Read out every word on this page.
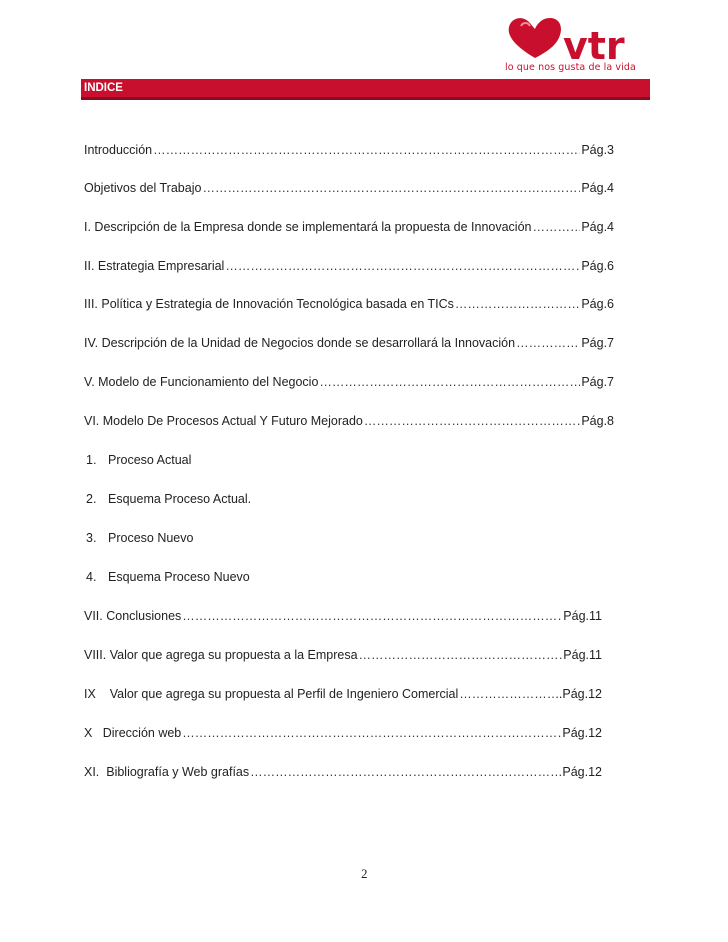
vtr
lo que nos gusta de la vida
INDICE
Introducción …………………………………………………………………………………………………………………………………………………………………………	Pág.3
Objetivos del Trabajo …………………………………………………………………………………………………………………………………………………………………………	Pág.4
I. Descripción de la Empresa donde se implementará la propuesta de Innovación …………………………………………………………………………………………………………………………………………………………………………	Pág.4
II. Estrategia Empresarial …………………………………………………………………………………………………………………………………………………………………………	Pág.6
III. Política y Estrategia de Innovación Tecnológica basada en TICs …………………………………………………………………………………………………………………………………………………………………………	Pág.6
IV. Descripción de la Unidad de Negocios donde se desarrollará la Innovación …………………………………………………………………………………………………………………………………………………………………………	Pág.7
V. Modelo de Funcionamiento del Negocio …………………………………………………………………………………………………………………………………………………………………………	Pág.7
VI. Modelo De Procesos Actual Y Futuro Mejorado …………………………………………………………………………………………………………………………………………………………………………	Pág.8
1. Proceso Actual
2. Esquema Proceso Actual.
3. Proceso Nuevo
4. Esquema Proceso Nuevo
VII. Conclusiones …………………………………………………………………………………………………………………………………………………………………………	Pág.11
VIII. Valor que agrega su propuesta a la Empresa …………………………………………………………………………………………………………………………………………………………………………	Pág.11
IX    Valor que agrega su propuesta al Perfil de Ingeniero Comercial …………………………………………………………………………………………………………………………………………………………………………	..Pág.12
X   Dirección web …………………………………………………………………………………………………………………………………………………………………………	Pág.12
XI.  Bibliografía y Web grafías …………………………………………………………………………………………………………………………………………………………………………	Pág.12
2
